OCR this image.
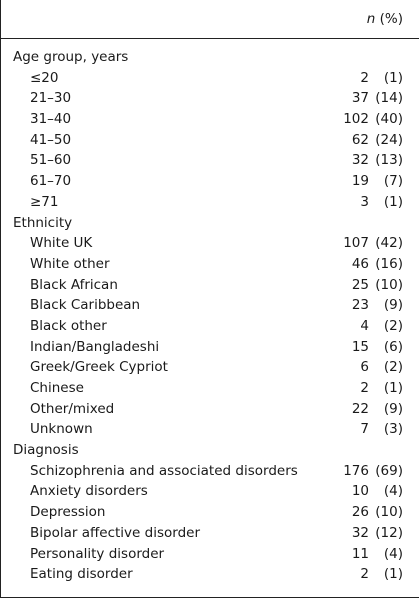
n (%)
Age group, years
≤20	2 (1)
21–30	37 (14)
31–40	102 (40)
41–50	62 (24)
51–60	32 (13)
61–70	19 (7)
≥71	3 (1)
Ethnicity
White UK	107 (42)
White other	46 (16)
Black African	25 (10)
Black Caribbean	23 (9)
Black other	4 (2)
Indian/Bangladeshi	15 (6)
Greek/Greek Cypriot	6 (2)
Chinese	2 (1)
Other/mixed	22 (9)
Unknown	7 (3)
Diagnosis
Schizophrenia and associated disorders	176 (69)
Anxiety disorders	10 (4)
Depression	26 (10)
Bipolar affective disorder	32 (12)
Personality disorder	11 (4)
Eating disorder	2 (1)
